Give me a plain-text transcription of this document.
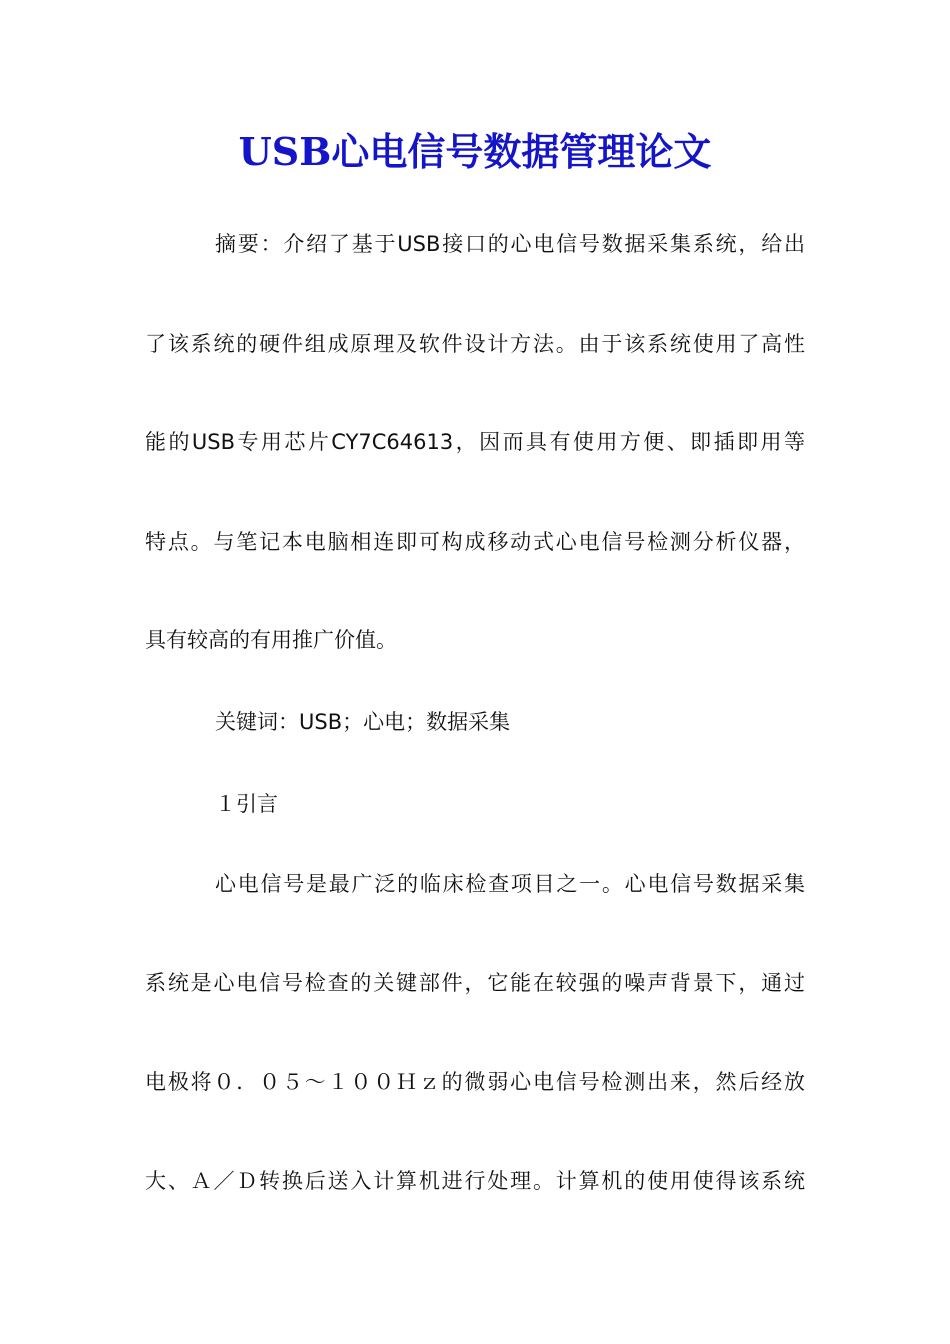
USB心电信号数据管理论文
摘要：介绍了基于USB接口的心电信号数据采集系统，给出
了该系统的硬件组成原理及软件设计方法。由于该系统使用了高性
能的USB专用芯片CY7C64613，因而具有使用方便、即插即用等
特点。与笔记本电脑相连即可构成移动式心电信号检测分析仪器，
具有较高的有用推广价值。
关键词：USB；心电；数据采集
１引言
心电信号是最广泛的临床检查项目之一。心电信号数据采集
系统是心电信号检查的关键部件，它能在较强的噪声背景下，通过
电极将０．０５～１００Ｈｚ的微弱心电信号检测出来，然后经放
大、Ａ／Ｄ转换后送入计算机进行处理。计算机的使用使得该系统
